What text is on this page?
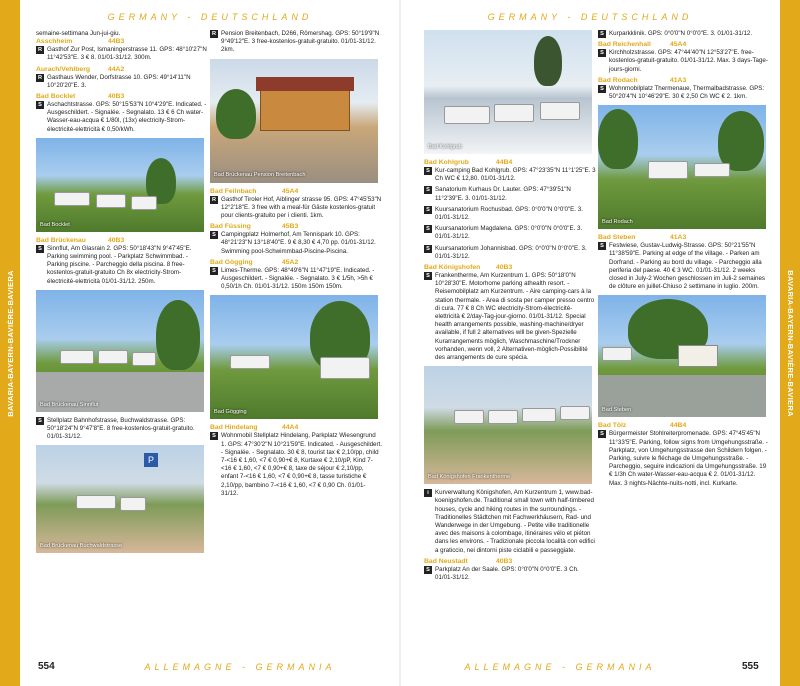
BAVARIA-BAYERN-BAVIÈRE-BAVIERA	BAVARIA-BAYERN-BAVIÈRE-BAVIERA
GERMANY - DEUTSCHLAND	GERMANY - DEUTSCHLAND
554	ALLEMAGNE - GERMANIA	ALLEMAGNE - GERMANIA	555
semaine-settimana Jun-jui-giu.
Asschheim	44B3
R Gasthof Zur Post, Ismaningerstrasse 11. GPS: 48°10'27"N 11°42'53"E. 3 € 8. 01/01-31/12. 300m.
Aurach/Vehlberg	44A2
R Gasthaus Wender, Dorfstrasse 10. GPS: 49°14'11"N 10°20'20"E. 3.
Bad Bocklet	40B3
S Aschachtstrasse. GPS: 50°15'53"N 10°4'29"E. Indicated. - Ausgeschildert. - Signalée. - Segnalato. 13 € 6 Ch water-Wasser-eau-acqua € 1/80l, (13x) electricity-Strom-électricité-elettricità € 0,50/kWh.
Bad Bocklet
Bad Brückenau	40B3
S Sinnflut, Am Glasrain 2. GPS: 50°18'43"N 9°47'45"E. Parking swimming pool. - Parkplatz Schwimmbad. - Parking piscine. - Parcheggio della piscina. 8 free-kostenlos-gratuit-gratuito Ch 8x electricity-Strom-électricité-elettricità 01/01-31/12. 250m.
Bad Brückenau Sinnflut
S Stellplatz Bahnhofstrasse, Buchwaldstrasse. GPS: 50°18'24"N 9°47'8"E. 8 free-kostenlos-gratuit-gratuito. 01/01-31/12.
P
Bad Brückenau Buchwaldstrasse
R Pension Breitenbach, D266, Römershag. GPS: 50°19'9"N 9°49'12"E. 3 free-kostenlos-gratuit-gratuito. 01/01-31/12. 2km.
Bad Brückenau Pension Breitenbach
Bad Feilnbach	45A4
R Gasthof Tiroler Hof, Aiblinger strasse 95. GPS: 47°45'53"N 12°2'18"E. 3 free with a meal-für Gäste kostenlos-gratuit pour clients-gratuito per i clienti. 1km.
Bad Füssing	45B3
S Campingplatz Holmerhof, Am Tennispark 10. GPS: 48°21'23"N 13°18'40"E. 9 € 8,30 € 4,70 pp. 01/01-31/12. Swimming pool-Schwimmbad-Piscine-Piscina.
Bad Gögging	45A2
S Limes-Therme. GPS: 48°49'6"N 11°47'19"E. Indicated. - Ausgeschildert. - Signalée. - Segnalato. 3 € 1/5h, >5h € 0,50/1h Ch. 01/01-31/12. 150m 150m 150m.
Bad Gögging
Bad Hindelang	44A4
S Wohnmobil Stellplatz Hindelang, Parkplatz Wiesengrund 1. GPS: 47°30'2"N 10°21'59"E. Indicated. - Ausgeschildert. - Signalée. - Segnalato. 30 € 8, tourist tax € 2,10/pp, child 7-<16 € 1,60, <7 € 0,90+€ 8, Kurtaxe € 2,10/pP, Kind 7-<16 € 1,60, <7 € 0,90+€ 8, taxe de séjour € 2,10/pp, enfant 7-<16 € 1,60, <7 € 0,90+€ 8, tasse turistiche € 2,10/pp, bambino 7-<16 € 1,60, <7 € 0,90 Ch. 01/01-31/12.
Bad Kohlgrub
Bad Kohlgrub	44B4
S Kur-camping Bad Kohlgrub. GPS: 47°23'35"N 11°1'25"E. 3 Ch WC € 12,80. 01/01-31/12.
S Sanatorium Kurhaus Dr. Lauter. GPS: 47°39'51"N 11°2'39"E. 3. 01/01-31/12.
S Kuursanatorium Rochusbad. GPS: 0°0'0"N 0°0'0"E. 3. 01/01-31/12.
S Kuursanatorium Magdalena. GPS: 0°0'0"N 0°0'0"E. 3. 01/01-31/12.
S Kuursanatorium Johannisbad. GPS: 0°0'0"N 0°0'0"E. 3. 01/01-31/12.
Bad Königshofen	40B3
S Frankentherme, Am Kurzentrum 1. GPS: 50°18'0"N 10°28'30"E. Motorhome parking athealth resort. - Reisemobilplatz am Kurzentrum. - Aire camping-cars à la station thermale. - Area di sosta per camper presso centro di cura. 77 € 8 Ch WC electricity-Strom-électricité-elettricità € 2/day-Tag-jour-giorno. 01/01-31/12. Special health arrangements possible, washing-machine/dryer available, if full 2 alternatives will be given-Spezielle Kurarrangements möglich, Waschmaschine/Trockner vorhanden, wenn voll, 2 Alternativen-möglich-Possibilité des arrangements de cure spécia.
Bad Königshofen Frankentherme
i	Kurverwaltung Königshofen, Am Kurzentrum 1, www.bad-koenigshofen.de. Traditional small town with half-timbered houses, cycle and hiking routes in the surroundings. - Traditionelles Städtchen mit Fachwerkhäusern, Rad- und Wanderwege in der Umgebung. - Petite ville traditionelle avec des maisons à colombage, itinéraires vélo et piéton dans les environs. - Tradizionale piccola località con edifici a graticcio, nei dintorni piste ciclabili e passeggiate.
Bad Neustadt	40B3
S Parkplatz An der Saale. GPS: 0°0'0"N 0°0'0"E. 3 Ch. 01/01-31/12.
S Kurparkklinik. GPS: 0°0'0"N 0°0'0"E. 3. 01/01-31/12.
Bad Reichenhall	45A4
S Kirchholzstrasse. GPS: 47°44'40"N 12°53'27"E. free-kostenlos-gratuit-gratuito. 01/01-31/12. Max. 3 days-Tage-jours-giorni.
Bad Rodach	41A3
S Wohnmobilplatz Thermenaue, Thermalbadstrasse. GPS: 50°20'4"N 10°46'29"E. 30 € 2,50 Ch WC € 2. 1km.
Bad Rodach
Bad Steben	41A3
S Festwiese, Gustav-Ludwig-Strasse. GPS: 50°21'55"N 11°38'59"E. Parking at edge of the village. - Parken am Dorfrand. - Parking au bord du village. - Parcheggio alla periferia del paese. 40 € 3 WC. 01/01-31/12. 2 weeks closed in July-2 Wochen geschlossen im Juli-2 semaines de clôture en juillet-Chiuso 2 settimane in luglio. 200m.
Bad Steben
Bad Tölz	44B4
S Bürgermeister Stohlreiterpromenade. GPS: 47°45'45"N 11°33'5"E. Parking, follow signs from Umgehungsstraße. - Parkplatz, von Umgehungsstrasse den Schildern folgen. - Parking, suivre le fléchage de Umgehungsstraße. - Parcheggio, seguire indicazioni da Umgehungsstraße. 19 € 1/3h Ch water-Wasser-eau-acqua € 2. 01/01-31/12. Max. 3 nights-Nächte-nuits-notti, incl. Kurkarte.
